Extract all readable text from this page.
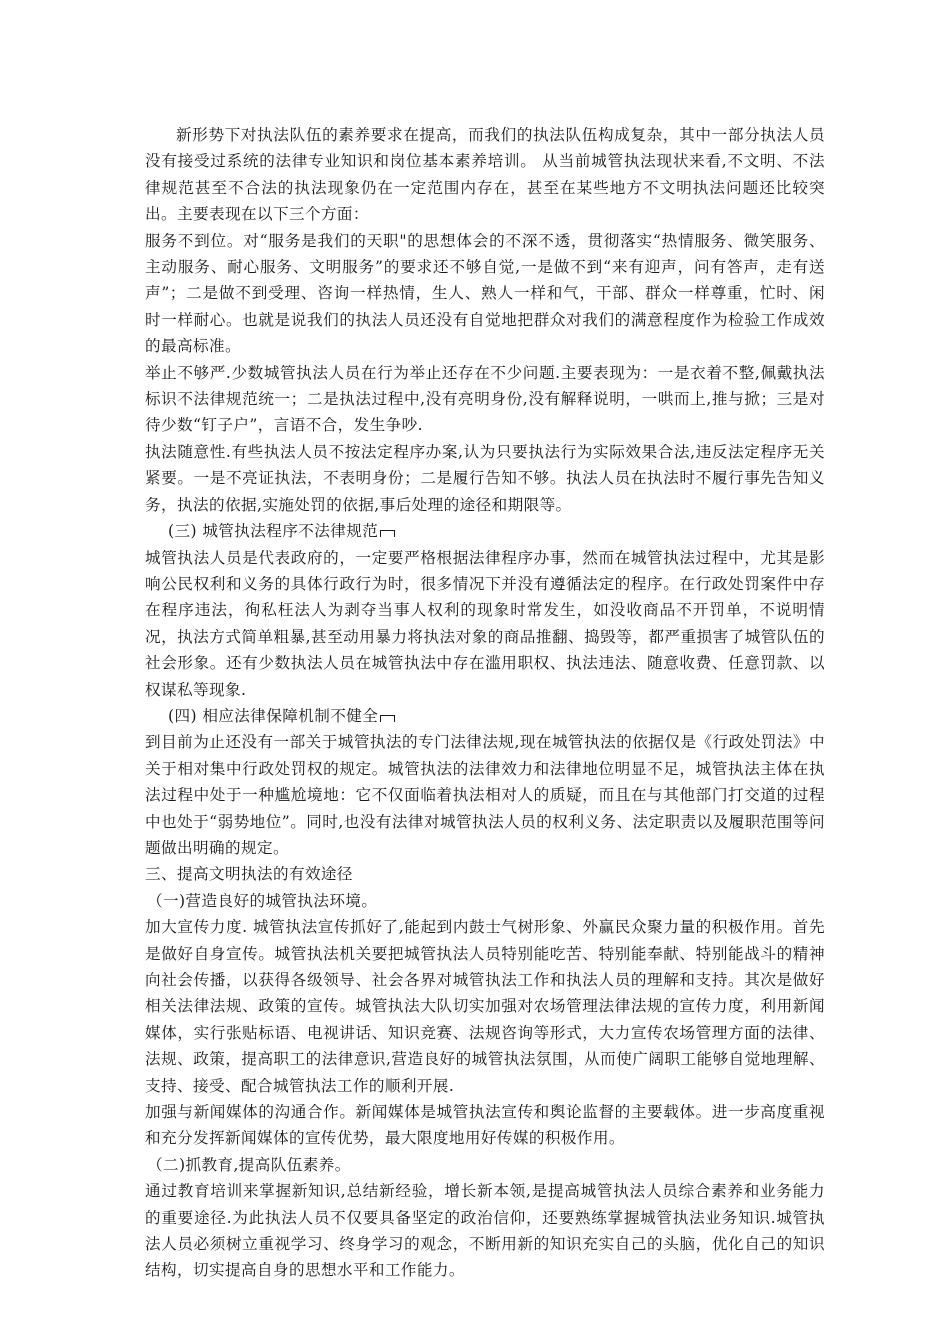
新形势下对执法队伍的素养要求在提高，而我们的执法队伍构成复杂，其中一部分执法人员没有接受过系统的法律专业知识和岗位基本素养培训。 从当前城管执法现状来看,不文明、不法律规范甚至不合法的执法现象仍在一定范围内存在，甚至在某些地方不文明执法问题还比较突出。主要表现在以下三个方面：

服务不到位。对“服务是我们的天职"的思想体会的不深不透，贯彻落实“热情服务、微笑服务、主动服务、耐心服务、文明服务”的要求还不够自觉,一是做不到“来有迎声，问有答声，走有送声”；二是做不到受理、咨询一样热情，生人、熟人一样和气，干部、群众一样尊重，忙时、闲时一样耐心。也就是说我们的执法人员还没有自觉地把群众对我们的满意程度作为检验工作成效的最高标准。

举止不够严.少数城管执法人员在行为举止还存在不少问题.主要表现为：一是衣着不整,佩戴执法标识不法律规范统一；二是执法过程中,没有亮明身份,没有解释说明，一哄而上,推与掀；三是对待少数“钉子户”，言语不合，发生争吵.

执法随意性.有些执法人员不按法定程序办案,认为只要执法行为实际效果合法,违反法定程序无关紧要。一是不亮证执法，不表明身份；二是履行告知不够。执法人员在执法时不履行事先告知义务，执法的依据,实施处罚的依据,事后处理的途径和期限等。

(三) 城管执法程序不法律规范

城管执法人员是代表政府的，一定要严格根据法律程序办事，然而在城管执法过程中，尤其是影响公民权利和义务的具体行政行为时，很多情况下并没有遵循法定的程序。在行政处罚案件中存在程序违法，徇私枉法人为剥夺当事人权利的现象时常发生，如没收商品不开罚单，不说明情况，执法方式简单粗暴,甚至动用暴力将执法对象的商品推翻、捣毁等，都严重损害了城管队伍的社会形象。还有少数执法人员在城管执法中存在滥用职权、执法违法、随意收费、任意罚款、以权谋私等现象.

(四) 相应法律保障机制不健全

到目前为止还没有一部关于城管执法的专门法律法规,现在城管执法的依据仅是《行政处罚法》中关于相对集中行政处罚权的规定。城管执法的法律效力和法律地位明显不足，城管执法主体在执法过程中处于一种尴尬境地：它不仅面临着执法相对人的质疑，而且在与其他部门打交道的过程中也处于“弱势地位”。同时,也没有法律对城管执法人员的权利义务、法定职责以及履职范围等问题做出明确的规定。

三、提高文明执法的有效途径

（一)营造良好的城管执法环境。

加大宣传力度. 城管执法宣传抓好了,能起到内鼓士气树形象、外赢民众聚力量的积极作用。首先是做好自身宣传。城管执法机关要把城管执法人员特别能吃苦、特别能奉献、特别能战斗的精神向社会传播，以获得各级领导、社会各界对城管执法工作和执法人员的理解和支持。其次是做好相关法律法规、政策的宣传。城管执法大队切实加强对农场管理法律法规的宣传力度，利用新闻媒体，实行张贴标语、电视讲话、知识竞赛、法规咨询等形式，大力宣传农场管理方面的法律、法规、政策，提高职工的法律意识,营造良好的城管执法氛围，从而使广阔职工能够自觉地理解、支持、接受、配合城管执法工作的顺利开展.

加强与新闻媒体的沟通合作。新闻媒体是城管执法宣传和舆论监督的主要载体。进一步高度重视和充分发挥新闻媒体的宣传优势，最大限度地用好传媒的积极作用。

（二)抓教育,提高队伍素养。

通过教育培训来掌握新知识,总结新经验，增长新本领,是提高城管执法人员综合素养和业务能力的重要途径.为此执法人员不仅要具备坚定的政治信仰，还要熟练掌握城管执法业务知识.城管执法人员必须树立重视学习、终身学习的观念，不断用新的知识充实自己的头脑，优化自己的知识结构，切实提高自身的思想水平和工作能力。
